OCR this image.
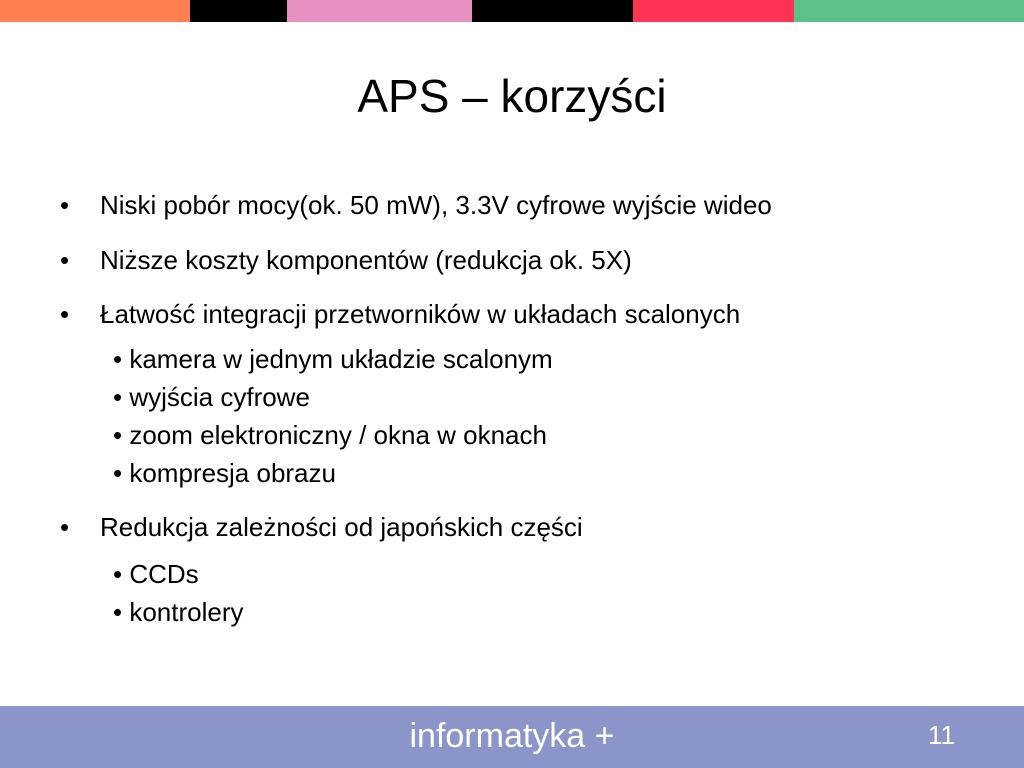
APS – korzyści
• Niski pobór mocy(ok. 50 mW), 3.3V cyfrowe wyjście wideo
• Niższe koszty komponentów (redukcja ok. 5X)
• Łatwość integracji przetworników w układach scalonych
• kamera w jednym układzie scalonym
• wyjścia cyfrowe
• zoom elektroniczny / okna w oknach
• kompresja obrazu
• Redukcja zależności od japońskich części
• CCDs
• kontrolery
informatyka +	11
